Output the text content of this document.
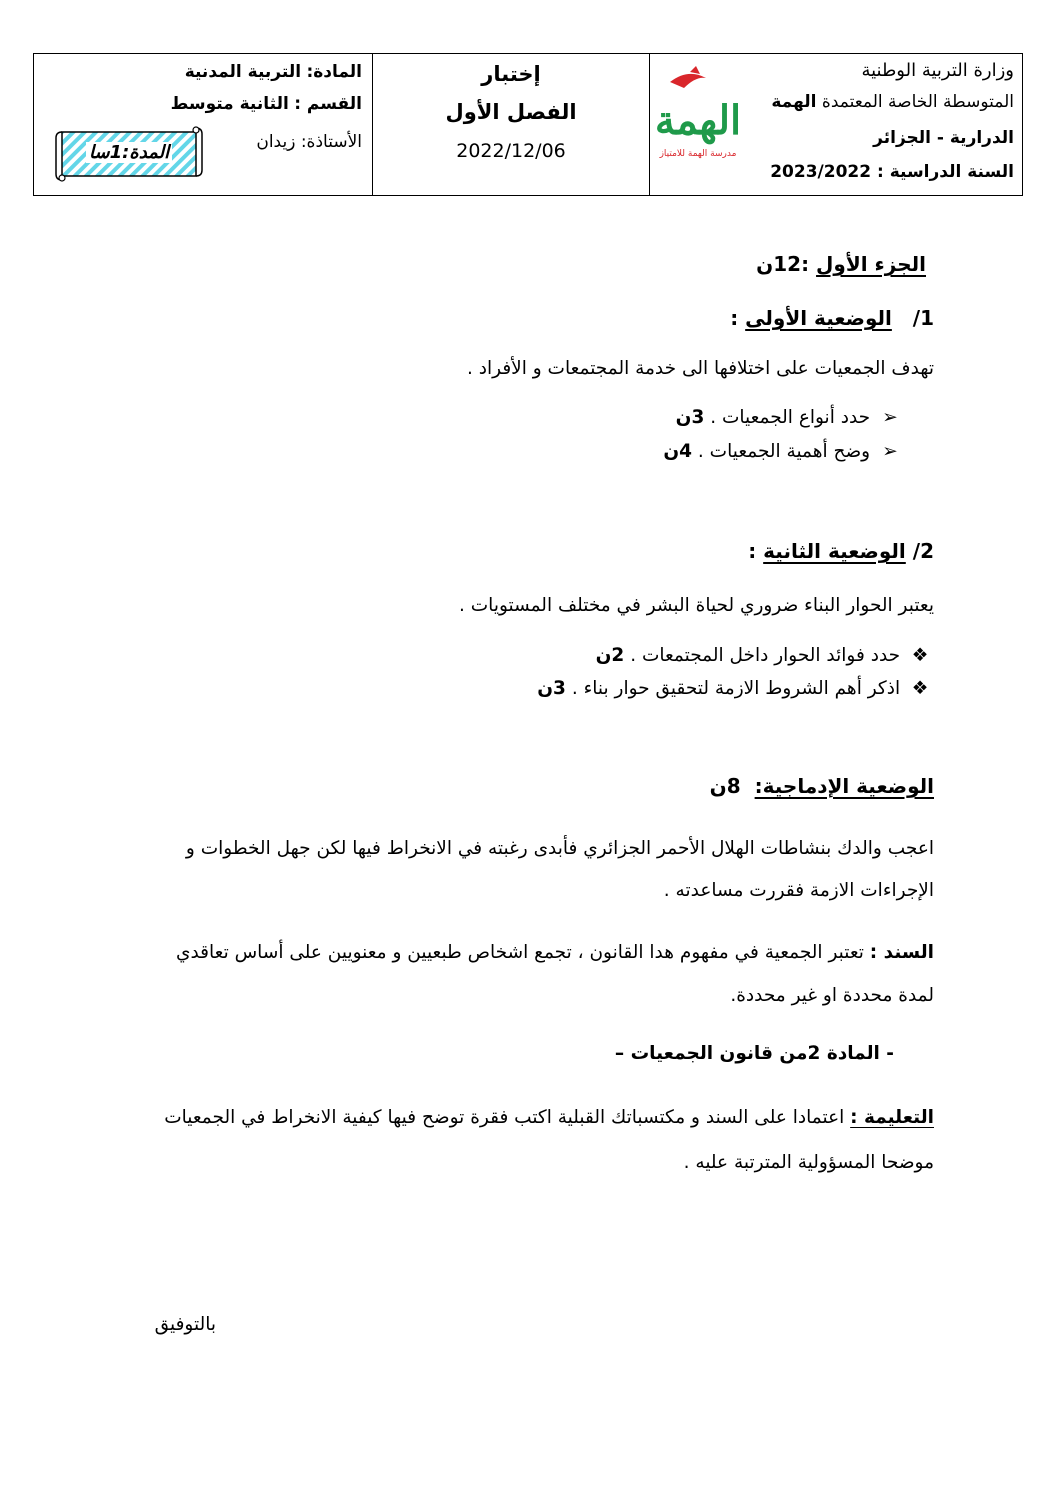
المادة: التربية المدنية
القسم : الثانية متوسط
الأستاذة: زيدان
المدة:1سا
إختبار
الفصل الأول
2022/12/06
الهمة
مدرسة الهمة للامتياز
وزارة التربية الوطنية
المتوسطة الخاصة المعتمدة الهمة
الدرارية - الجزائر
السنة الدراسية : 2023/2022
الجزء الأول :12ن
1/   الوضعية الأولى :
تهدف الجمعيات على اختلافها الى خدمة المجتمعات و الأفراد .
➢ حدد أنواع الجمعيات . 3ن
➢ وضح أهمية الجمعيات . 4ن
2/ الوضعية الثانية :
يعتبر الحوار البناء ضروري لحياة البشر في مختلف المستويات .
❖ حدد فوائد الحوار داخل المجتمعات . 2ن
❖ اذكر أهم الشروط الازمة لتحقيق حوار بناء . 3ن
الوضعية الإدماجية:  8ن
اعجب والدك بنشاطات الهلال الأحمر الجزائري فأبدى رغبته في الانخراط فيها لكن جهل الخطوات و
الإجراءات الازمة فقررت مساعدته .
السند : تعتبر الجمعية في مفهوم هدا القانون ، تجمع اشخاص طبعيين و معنويين على أساس تعاقدي
لمدة محددة او غير محددة.
- المادة 2من قانون الجمعيات –
التعليمة : اعتمادا على السند و مكتسباتك القبلية اكتب فقرة توضح فيها كيفية الانخراط في الجمعيات
موضحا المسؤولية المترتبة عليه .
بالتوفيق
